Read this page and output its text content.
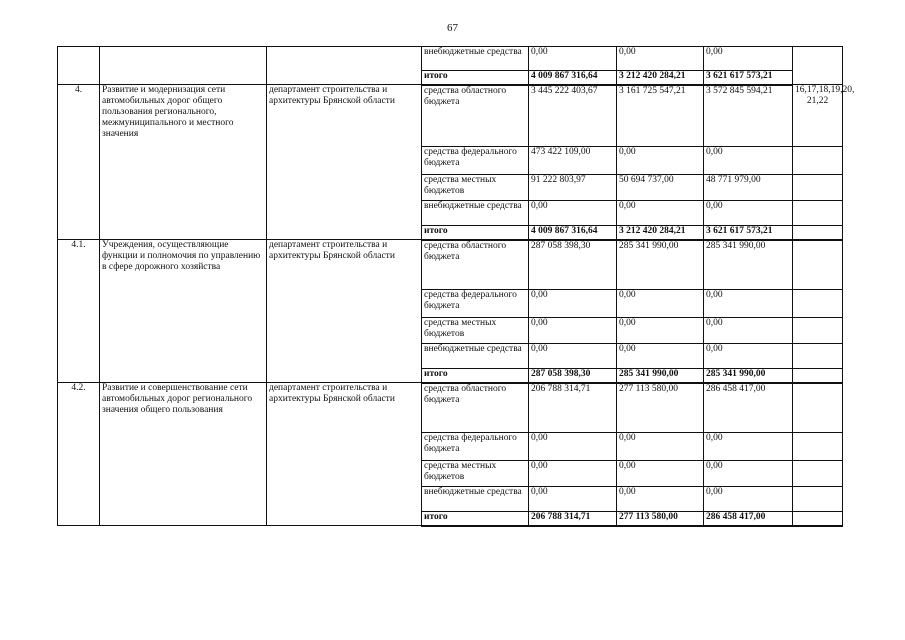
67
			внебюджетные средства	0,00	0,00	0,00	
			итого	4 009 867 316,64	3 212 420 284,21	3 621 617 573,21	
4.	Развитие и модернизация сети автомобильных дорог общего пользования регионального, межмуниципального и местного значения	департамент строительства и архитектуры Брянской области	средства областного бюджета	3 445 222 403,67	3 161 725 547,21	3 572 845 594,21	16,17,18,19,20, 21,22
			средства федерального бюджета	473 422 109,00	0,00	0,00	
			средства местных бюджетов	91 222 803,97	50 694 737,00	48 771 979,00	
			внебюджетные средства	0,00	0,00	0,00	
			итого	4 009 867 316,64	3 212 420 284,21	3 621 617 573,21	
4.1.	Учреждения, осуществляющие функции и полномочия по управлению в сфере дорожного хозяйства	департамент строительства и архитектуры Брянской области	средства областного бюджета	287 058 398,30	285 341 990,00	285 341 990,00	
			средства федерального бюджета	0,00	0,00	0,00	
			средства местных бюджетов	0,00	0,00	0,00	
			внебюджетные средства	0,00	0,00	0,00	
			итого	287 058 398,30	285 341 990,00	285 341 990,00	
4.2.	Развитие и совершенствование сети автомобильных дорог регионального значения общего пользования	департамент строительства и архитектуры Брянской области	средства областного бюджета	206 788 314,71	277 113 580,00	286 458 417,00	
			средства федерального бюджета	0,00	0,00	0,00	
			средства местных бюджетов	0,00	0,00	0,00	
			внебюджетные средства	0,00	0,00	0,00	
			итого	206 788 314,71	277 113 580,00	286 458 417,00	
